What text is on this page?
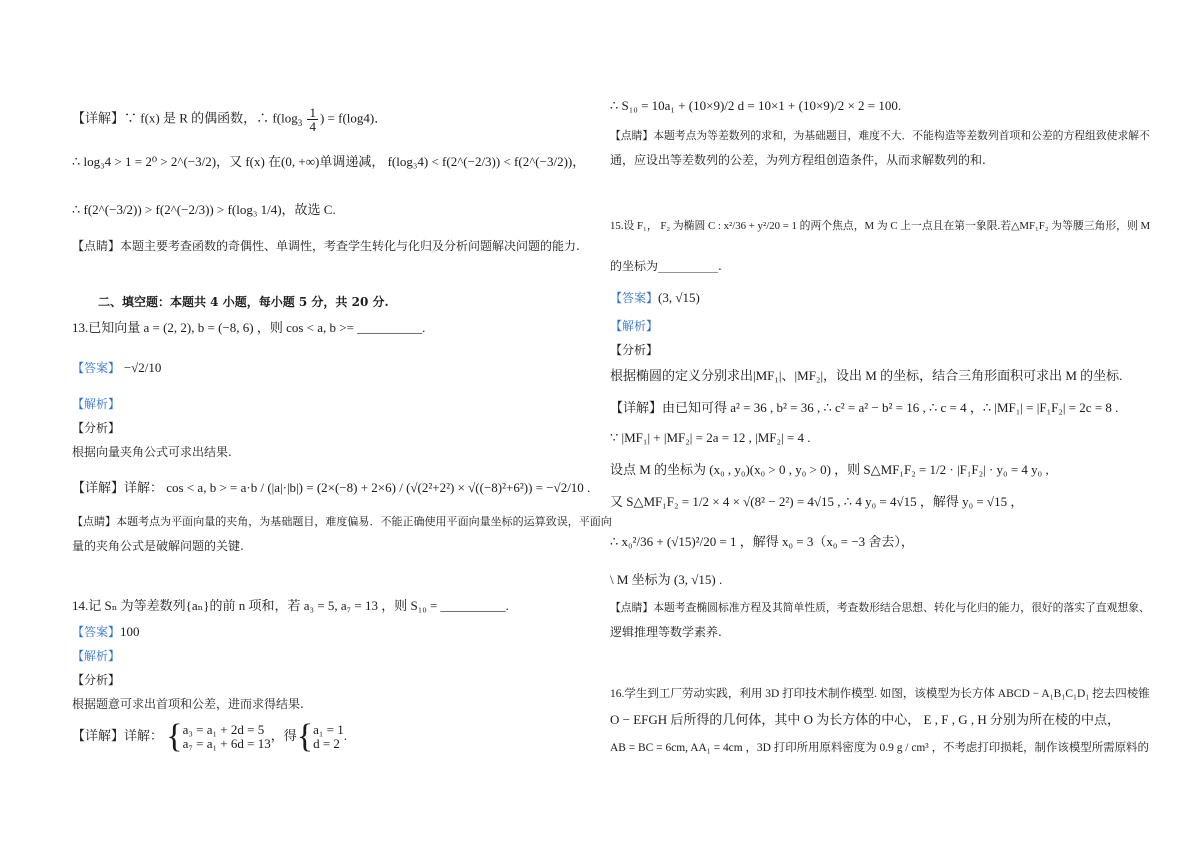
【详解】∵ f(x) 是 R 的偶函数，∴ $f(\log_3 \frac{1}{4}$ ) = f(log4)．
∴ log₃4 > 1 = 2⁰ > 2^(−3/2)，又 f(x) 在(0, +∞)单调递减， f(log₃4) < f(2^(−2/3)) < f(2^(−3/2))，
∴ f(2^(−3/2)) > f(2^(−2/3)) > f(log₃ 1/4)，故选 C.
【点睛】本题主要考查函数的奇偶性、单调性，考查学生转化与化归及分析问题解决问题的能力.
二、填空题：本题共 4 小题，每小题 5 分，共 20 分.
13.已知向量 a = (2, 2), b = (−8, 6) ，则 cos < a, b >= __________.
【答案】 −√2/10
【解析】
【分析】
根据向量夹角公式可求出结果.
【详解】详解： cos < a, b > = a·b / (|a|·|b|) = (2×(−8) + 2×6) / (√(2²+2²) × √((−8)²+6²)) = −√2/10 .
【点睛】本题考点为平面向量的夹角，为基础题目，难度偏易．不能正确使用平面向量坐标的运算致误，平面向
量的夹角公式是破解问题的关键.
14.记 Sₙ 为等差数列{aₙ}的前 n 项和，若 a₃ = 5, a₇ = 13 ，则 S₁₀ = __________.
【答案】100
【解析】
【分析】
根据题意可求出首项和公差，进而求得结果.
【详解】详解： { a₃ = a₁ + 2d = 5
a₇ = a₁ + 6d = 13
，得{ a₁ = 1
d = 2
.
∴ S₁₀ = 10a₁ + (10×9)/2 d = 10×1 + (10×9)/2 × 2 = 100.
【点睛】本题考点为等差数列的求和，为基础题目，难度不大．不能构造等差数列首项和公差的方程组致使求解不
通，应设出等差数列的公差，为列方程组创造条件，从而求解数列的和.
15.设 F₁， F₂ 为椭圆 C : x²/36 + y²/20 = 1 的两个焦点，M 为 C 上一点且在第一象限.若△MF₁F₂ 为等腰三角形，则 M
的坐标为__________.
【答案】(3, √15)
【解析】
【分析】
根据椭圆的定义分别求出|MF₁|、|MF₂|，设出 M 的坐标，结合三角形面积可求出 M 的坐标.
【详解】由已知可得 a² = 36 , b² = 36 , ∴ c² = a² − b² = 16 , ∴ c = 4 ，∴ |MF₁| = |F₁F₂| = 2c = 8 .
∵ |MF₁| + |MF₂| = 2a = 12 , |MF₂| = 4 .
设点 M 的坐标为 (x₀ , y₀)(x₀ > 0 , y₀ > 0) ，则 S△MF₁F₂ = 1/2 · |F₁F₂| · y₀ = 4 y₀ ,
又 S△MF₁F₂ = 1/2 × 4 × √(8² − 2²) = 4√15 , ∴ 4 y₀ = 4√15 ，解得 y₀ = √15 ，
∴ x₀²/36 + (√15)²/20 = 1 ，解得 x₀ = 3（x₀ = −3 舍去），
\ M 坐标为 (3, √15) .
【点睛】本题考查椭圆标准方程及其简单性质，考查数形结合思想、转化与化归的能力，很好的落实了直观想象、
逻辑推理等数学素养.
16.学生到工厂劳动实践，利用 3D 打印技术制作模型. 如图，该模型为长方体 ABCD − A₁B₁C₁D₁ 挖去四棱锥
O − EFGH 后所得的几何体，其中 O 为长方体的中心， E , F , G , H 分别为所在棱的中点，
AB = BC = 6cm, AA₁ = 4cm ，3D 打印所用原料密度为 0.9 g / cm³ ，不考虑打印损耗，制作该模型所需原料的
